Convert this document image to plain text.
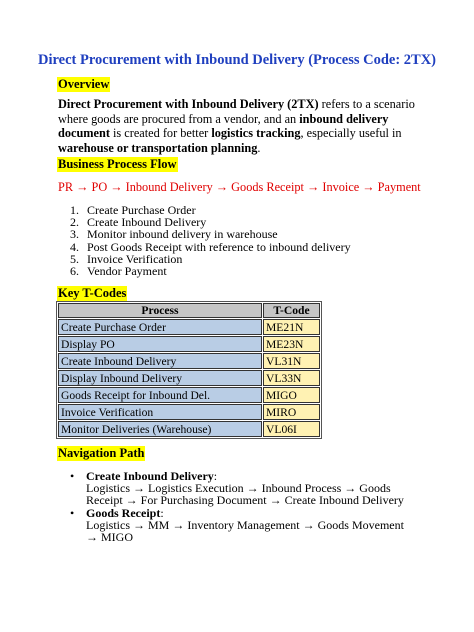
Direct Procurement with Inbound Delivery (Process Code: 2TX)
Overview
Direct Procurement with Inbound Delivery (2TX) refers to a scenario where goods are procured from a vendor, and an inbound delivery document is created for better logistics tracking, especially useful in warehouse or transportation planning.
Business Process Flow
PR → PO → Inbound Delivery → Goods Receipt → Invoice → Payment
1. Create Purchase Order
2. Create Inbound Delivery
3. Monitor inbound delivery in warehouse
4. Post Goods Receipt with reference to inbound delivery
5. Invoice Verification
6. Vendor Payment
Key T-Codes
Process	T-Code
Create Purchase Order	ME21N
Display PO	ME23N
Create Inbound Delivery	VL31N
Display Inbound Delivery	VL33N
Goods Receipt for Inbound Del.	MIGO
Invoice Verification	MIRO
Monitor Deliveries (Warehouse)	VL06I
Navigation Path
• Create Inbound Delivery:
Logistics → Logistics Execution → Inbound Process → Goods Receipt → For Purchasing Document → Create Inbound Delivery
• Goods Receipt:
Logistics → MM → Inventory Management → Goods Movement → MIGO
